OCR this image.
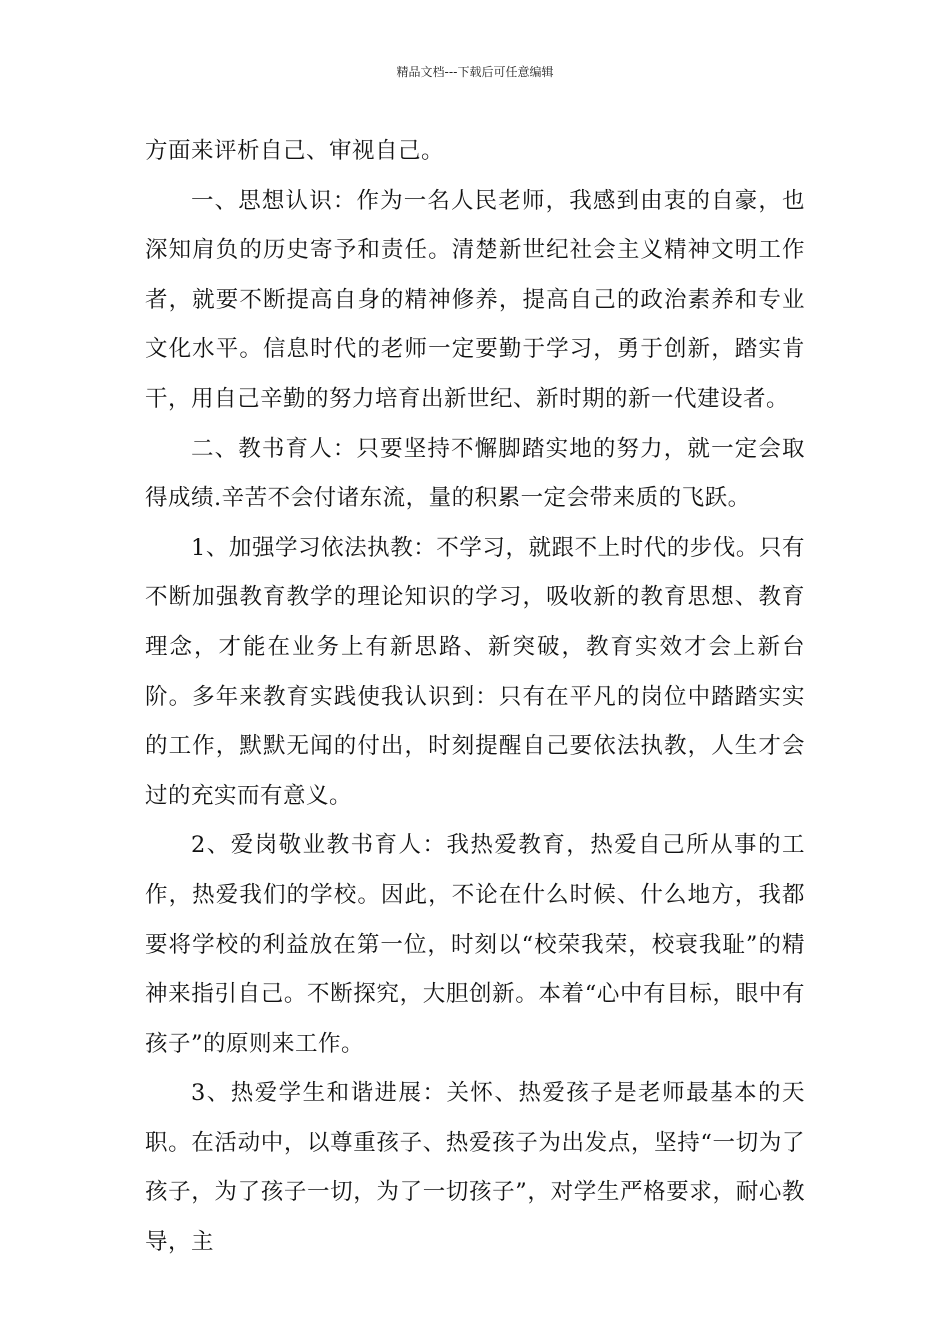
精品文档---下载后可任意编辑

方面来评析自己、审视自己。

一、思想认识：作为一名人民老师，我感到由衷的自豪，也深知肩负的历史寄予和责任。清楚新世纪社会主义精神文明工作者，就要不断提高自身的精神修养，提高自己的政治素养和专业文化水平。信息时代的老师一定要勤于学习，勇于创新，踏实肯干，用自己辛勤的努力培育出新世纪、新时期的新一代建设者。

二、教书育人：只要坚持不懈脚踏实地的努力，就一定会取得成绩.辛苦不会付诸东流，量的积累一定会带来质的飞跃。

1、加强学习依法执教：不学习，就跟不上时代的步伐。只有不断加强教育教学的理论知识的学习，吸收新的教育思想、教育理念，才能在业务上有新思路、新突破，教育实效才会上新台阶。多年来教育实践使我认识到：只有在平凡的岗位中踏踏实实的工作，默默无闻的付出，时刻提醒自己要依法执教，人生才会过的充实而有意义。

2、爱岗敬业教书育人：我热爱教育，热爱自己所从事的工作，热爱我们的学校。因此，不论在什么时候、什么地方，我都要将学校的利益放在第一位，时刻以“校荣我荣，校衰我耻”的精神来指引自己。不断探究，大胆创新。本着“心中有目标，眼中有孩子”的原则来工作。

3、热爱学生和谐进展：关怀、热爱孩子是老师最基本的天职。在活动中，以尊重孩子、热爱孩子为出发点，坚持“一切为了孩子，为了孩子一切，为了一切孩子”，对学生严格要求，耐心教导，主
